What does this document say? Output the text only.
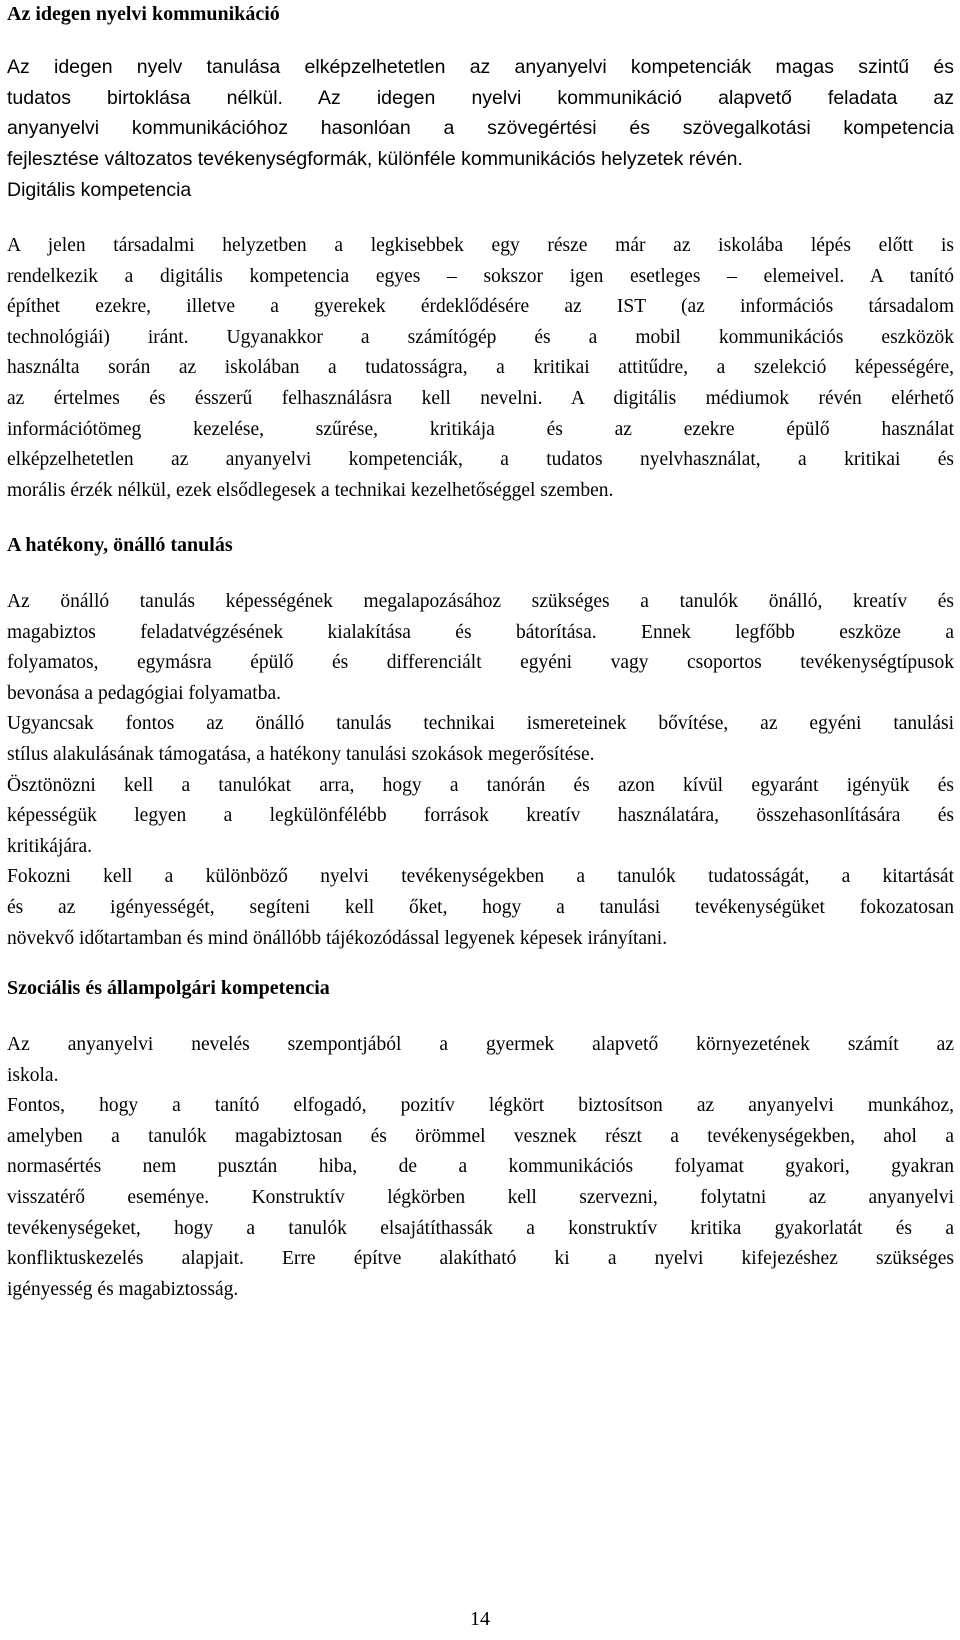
Az idegen nyelvi kommunikáció
Az idegen nyelv tanulása elképzelhetetlen az anyanyelvi kompetenciák magas szintű és
tudatos birtoklása nélkül. Az idegen nyelvi kommunikáció alapvető feladata az
anyanyelvi kommunikációhoz hasonlóan a szövegértési és szövegalkotási kompetencia
fejlesztése változatos tevékenységformák, különféle kommunikációs helyzetek révén.
Digitális kompetencia
A jelen társadalmi helyzetben a legkisebbek egy része már az iskolába lépés előtt is
rendelkezik a digitális kompetencia egyes – sokszor igen esetleges – elemeivel. A tanító
építhet ezekre, illetve a gyerekek érdeklődésére az IST (az információs társadalom
technológiái) iránt. Ugyanakkor a számítógép és a mobil kommunikációs eszközök
használta során az iskolában a tudatosságra, a kritikai attitűdre, a szelekció képességére,
az értelmes és ésszerű felhasználásra kell nevelni. A digitális médiumok révén elérhető
információtömeg kezelése, szűrése, kritikája és az ezekre épülő használat
elképzelhetetlen az anyanyelvi kompetenciák, a tudatos nyelvhasználat, a kritikai és
morális érzék nélkül, ezek elsődlegesek a technikai kezelhetőséggel szemben.
A hatékony, önálló tanulás
Az önálló tanulás képességének megalapozásához szükséges a tanulók önálló, kreatív és
magabiztos feladatvégzésének kialakítása és bátorítása. Ennek legfőbb eszköze a
folyamatos, egymásra épülő és differenciált egyéni vagy csoportos tevékenységtípusok
bevonása a pedagógiai folyamatba.
Ugyancsak fontos az önálló tanulás technikai ismereteinek bővítése, az egyéni tanulási
stílus alakulásának támogatása, a hatékony tanulási szokások megerősítése.
Ösztönözni kell a tanulókat arra, hogy a tanórán és azon kívül egyaránt igényük és
képességük legyen a legkülönfélébb források kreatív használatára, összehasonlítására és
kritikájára.
Fokozni kell a különböző nyelvi tevékenységekben a tanulók tudatosságát, a kitartását
és az igényességét, segíteni kell őket, hogy a tanulási tevékenységüket fokozatosan
növekvő időtartamban és mind önállóbb tájékozódással legyenek képesek irányítani.
Szociális és állampolgári kompetencia
Az anyanyelvi nevelés szempontjából a gyermek alapvető környezetének számít az
iskola.
Fontos, hogy a tanító elfogadó, pozitív légkört biztosítson az anyanyelvi munkához,
amelyben a tanulók magabiztosan és örömmel vesznek részt a tevékenységekben, ahol a
normasértés nem pusztán hiba, de a kommunikációs folyamat gyakori, gyakran
visszatérő eseménye. Konstruktív légkörben kell szervezni, folytatni az anyanyelvi
tevékenységeket, hogy a tanulók elsajátíthassák a konstruktív kritika gyakorlatát és a
konfliktuskezelés alapjait. Erre építve alakítható ki a nyelvi kifejezéshez szükséges
igényesség és magabiztosság.
14
